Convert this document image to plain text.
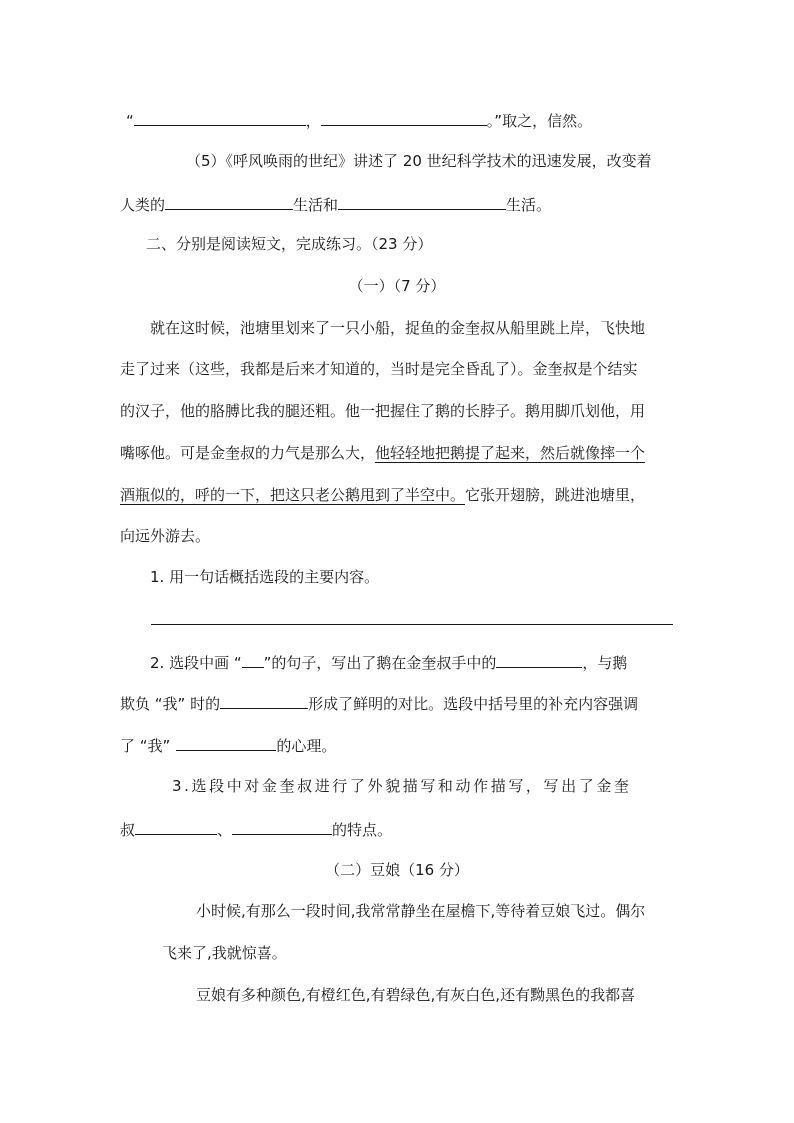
“	，	。”取之，信然。
（5）《呼风唤雨的世纪》讲述了 20 世纪科学技术的迅速发展，改变着
人类的	生活和	生活。
二、分别是阅读短文，完成练习。（23 分）
（一）（7 分）
就在这时候，池塘里划来了一只小船，捉鱼的金奎叔从船里跳上岸，飞快地
走了过来（这些，我都是后来才知道的，当时是完全昏乱了）。金奎叔是个结实
的汉子，他的胳膊比我的腿还粗。他一把握住了鹅的长脖子。鹅用脚爪划他，用
嘴啄他。可是金奎叔的力气是那么大，他轻轻地把鹅提了起来，然后就像摔一个
酒瓶似的，呼的一下，把这只老公鹅甩到了半空中。它张开翅膀，跳进池塘里，
向远外游去。
1. 用一句话概括选段的主要内容。
2. 选段中画 “ ”的句子，写出了鹅在金奎叔手中的	，与鹅
欺负 “我” 时的	形成了鲜明的对比。选段中括号里的补充内容强调
了 “我”	的心理。
3.选段中对金奎叔进行了外貌描写和动作描写，写出了金奎
叔	、	的特点。
（二）豆娘（16 分）
小时候,有那么一段时间,我常常静坐在屋檐下,等待着豆娘飞过。偶尔
飞来了,我就惊喜。
豆娘有多种颜色,有橙红色,有碧绿色,有灰白色,还有黝黑色的我都喜
